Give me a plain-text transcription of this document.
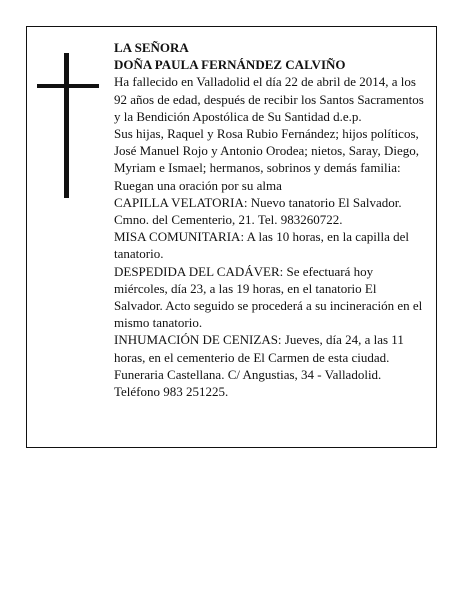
LA SEÑORA

DOÑA PAULA FERNÁNDEZ CALVIÑO

Ha fallecido en Valladolid el día 22 de abril de 2014, a los 92 años de edad, después de recibir los Santos Sacramentos y la Bendición Apostólica de Su Santidad d.e.p.

Sus hijas, Raquel y Rosa Rubio Fernández; hijos políticos, José Manuel Rojo y Antonio Orodea; nietos, Saray, Diego, Myriam e Ismael; hermanos, sobrinos y demás familia:

Ruegan una oración por su alma

CAPILLA VELATORIA: Nuevo tanatorio El Salvador. Cmno. del Cementerio, 21. Tel. 983260722.

MISA COMUNITARIA: A las 10 horas, en la capilla del tanatorio.

DESPEDIDA DEL CADÁVER: Se efectuará hoy miércoles, día 23, a las 19 horas, en el tanatorio El Salvador. Acto seguido se procederá a su incineración en el mismo tanatorio.

INHUMACIÓN DE CENIZAS: Jueves, día 24, a las 11 horas, en el cementerio de El Carmen de esta ciudad.

Funeraria Castellana. C/ Angustias, 34 - Valladolid. Teléfono 983 251225.
